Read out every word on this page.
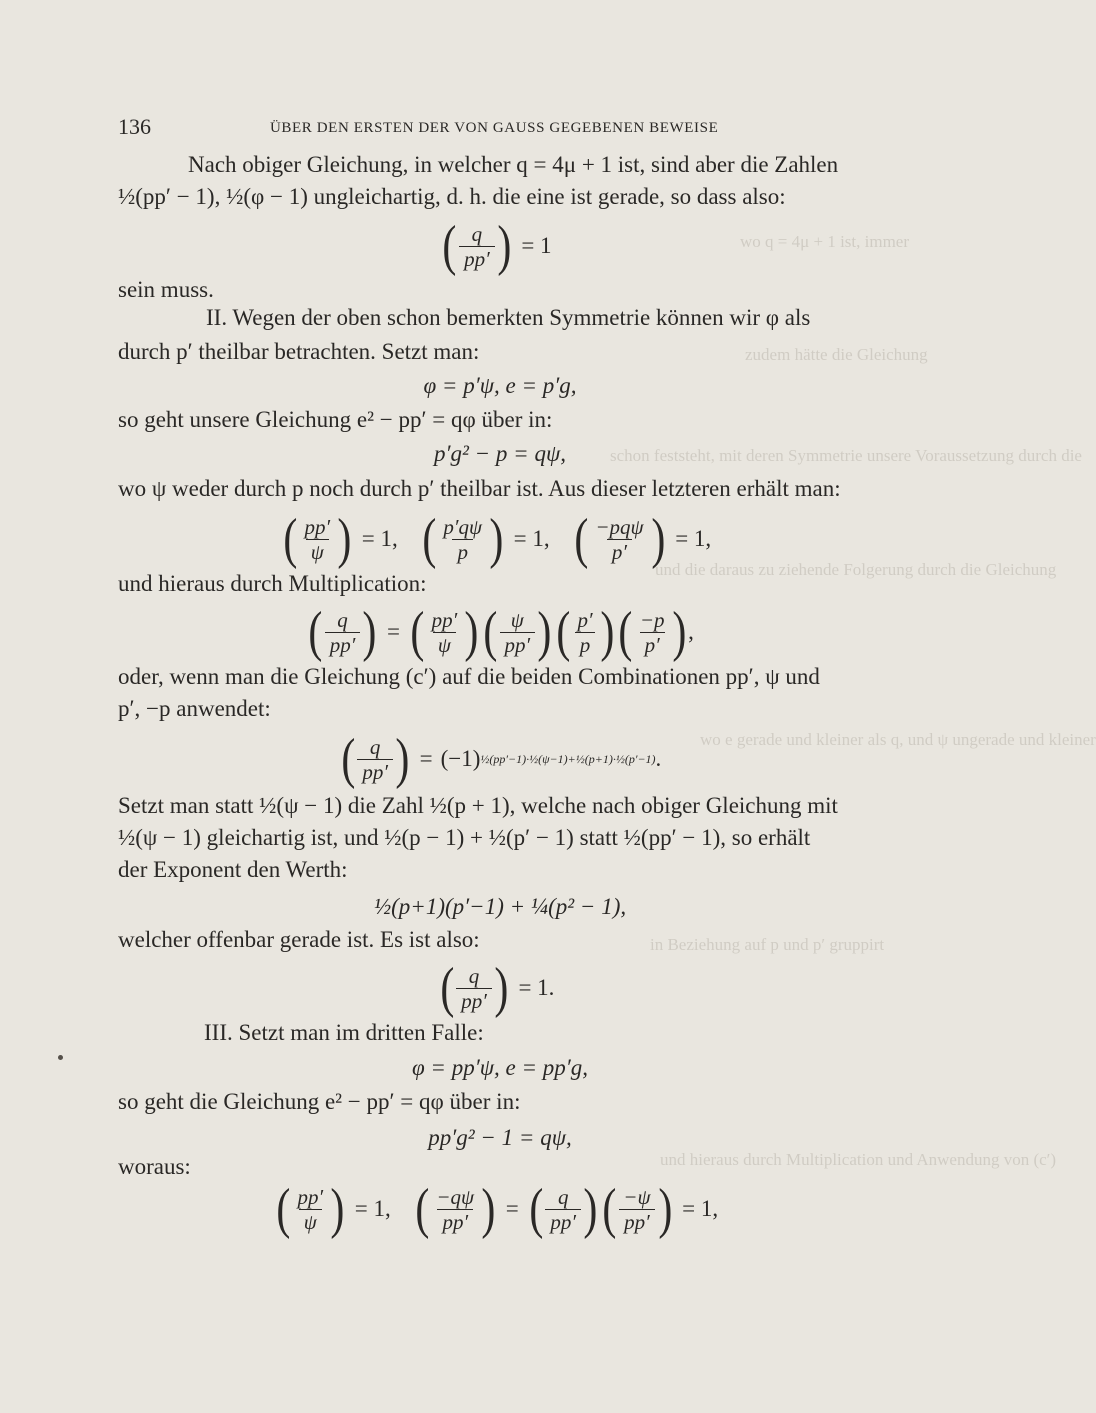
wo q = 4μ + 1 ist, immer
zudem hätte die Gleichung
schon feststeht, mit deren Symmetrie unsere Voraussetzung durch die
und die daraus zu ziehende Folgerung durch die Gleichung
wo e gerade und kleiner als q, und ψ ungerade und kleiner
in Beziehung auf p und p′ gruppirt
und hieraus durch Multiplication und Anwendung von (c′)
136	ÜBER DEN ERSTEN DER VON GAUSS GEGEBENEN BEWEISE
Nach obiger Gleichung, in welcher q = 4μ + 1 ist, sind aber die Zahlen
½(pp′ − 1), ½(φ − 1) ungleichartig, d. h. die eine ist gerade, so dass also:
( $\frac{q}{pp'}$ ) = 1
sein muss.
II. Wegen der oben schon bemerkten Symmetrie können wir φ als
durch p′ theilbar betrachten. Setzt man:
φ = p′ψ, e = p′g,
so geht unsere Gleichung e² − pp′ = qφ über in:
p′g² − p = qψ,
wo ψ weder durch p noch durch p′ theilbar ist. Aus dieser letzteren erhält man:
( $\frac{pp'}{\psi}$ ) = 1, ( $\frac{p'q\psi}{p}$ ) = 1, ( $\frac{\text{−pqψ}}{p'}$ ) = 1,
und hieraus durch Multiplication:
( $\frac{q}{pp'}$ ) = ( $\frac{pp'}{\psi}$ ) ( $\frac{\psi}{pp'}$ ) ( $\frac{p'}{p}$ ) ( $\frac{-p}{p'}$ ) ,
oder, wenn man die Gleichung (c′) auf die beiden Combinationen pp′, ψ und
p′, −p anwendet:
( $\frac{q}{pp'}$ ) = (−1) ½(pp′−1)·½(ψ−1)+½(p+1)·½(p′−1) .
Setzt man statt ½(ψ − 1) die Zahl ½(p + 1), welche nach obiger Gleichung mit
½(ψ − 1) gleichartig ist, und ½(p − 1) + ½(p′ − 1) statt ½(pp′ − 1), so erhält
der Exponent den Werth:
½(p+1)(p′−1) + ¼(p² − 1),
welcher offenbar gerade ist. Es ist also:
( $\frac{q}{pp'}$ ) = 1.
III. Setzt man im dritten Falle:
φ = pp′ψ, e = pp′g,
so geht die Gleichung e² − pp′ = qφ über in:
pp′g² − 1 = qψ,
woraus:
( $\frac{pp'}{\psi}$ ) = 1, ( $\frac{-q\psi}{pp'}$ ) = ( $\frac{q}{pp'}$ ) ( $\frac{-\psi}{pp'}$ ) = 1,
